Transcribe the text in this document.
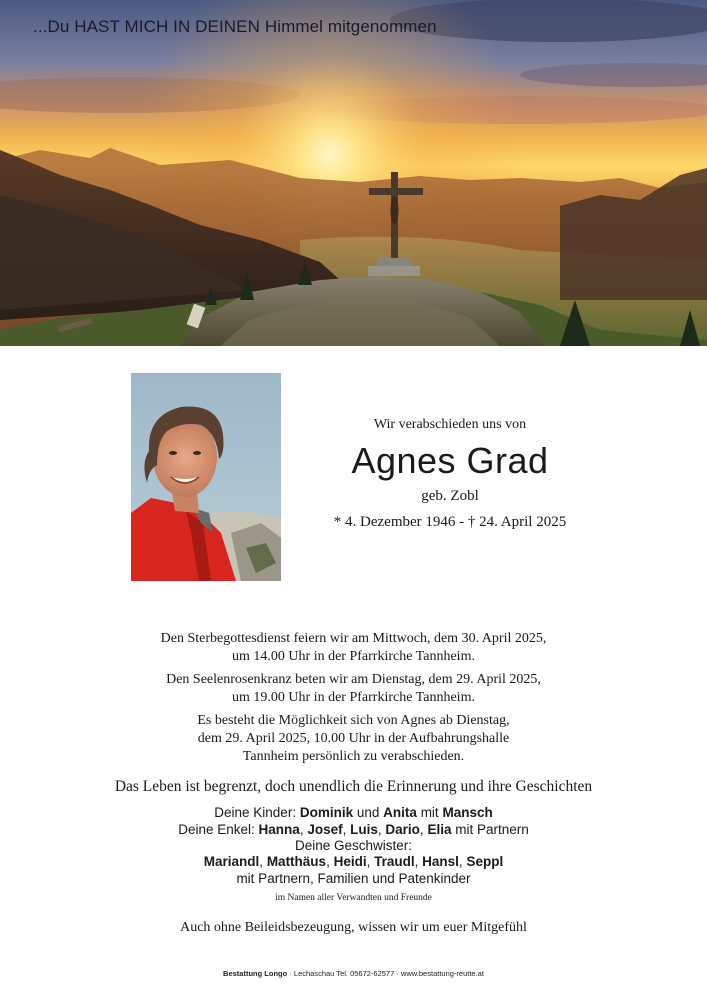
...Du HAST MICH IN DEINEN Himmel mitgenommen
Wir verabschieden uns von
Agnes Grad
geb. Zobl
* 4. Dezember 1946 - † 24. April 2025
Den Sterbegottesdienst feiern wir am Mittwoch, dem 30. April 2025,
um 14.00 Uhr in der Pfarrkirche Tannheim.
Den Seelenrosenkranz beten wir am Dienstag, dem 29. April 2025,
um 19.00 Uhr in der Pfarrkirche Tannheim.
Es besteht die Möglichkeit sich von Agnes ab Dienstag,
dem 29. April 2025, 10.00 Uhr in der Aufbahrungshalle
Tannheim persönlich zu verabschieden.
Das Leben ist begrenzt, doch unendlich die Erinnerung und ihre Geschichten
Deine Kinder: Dominik und Anita mit Mansch
Deine Enkel: Hanna, Josef, Luis, Dario, Elia mit Partnern
Deine Geschwister:
Mariandl, Matthäus, Heidi, Traudl, Hansl, Seppl
mit Partnern, Familien und Patenkinder
im Namen aller Verwandten und Freunde
Auch ohne Beileidsbezeugung, wissen wir um euer Mitgefühl
Bestattung Longo · Lechaschau Tel. 05672-62577 · www.bestattung-reutte.at
